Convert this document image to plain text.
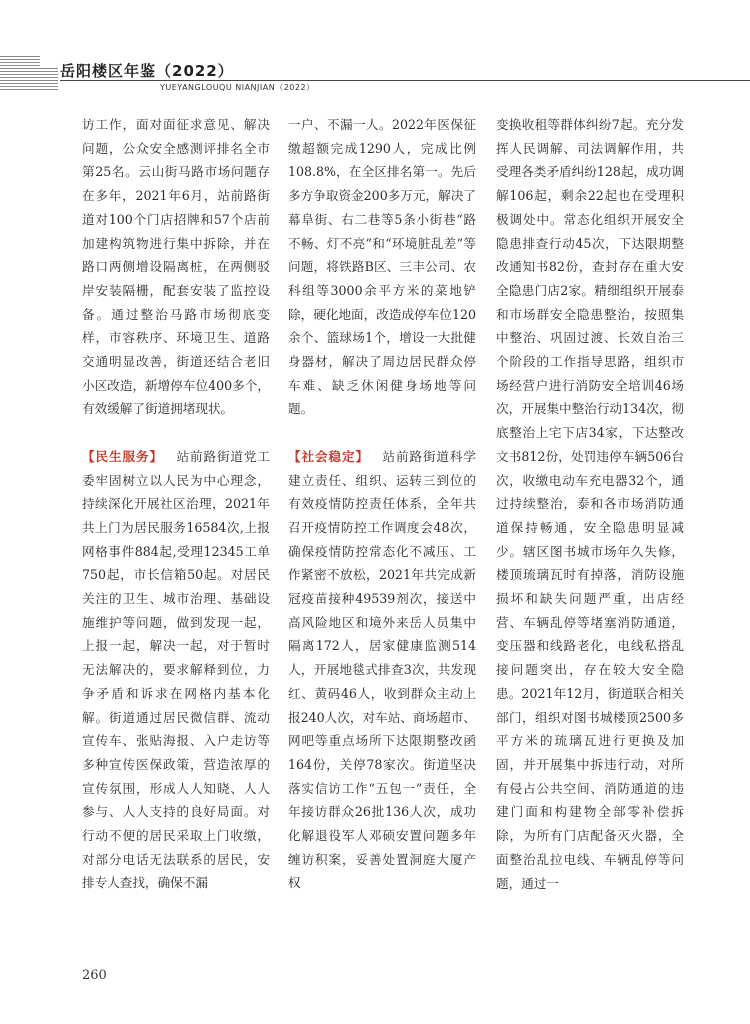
岳阳楼区年鉴（2022）
YUEYANGLOUQU NIANJIAN（2022）

访工作，面对面征求意见、解决问题，公众安全感测评排名全市第25名。云山街马路市场问题存在多年，2021年6月，站前路街道对100个门店招牌和57个店前加建构筑物进行集中拆除，并在路口两侧增设隔离桩，在两侧驳岸安装隔栅，配套安装了监控设备。通过整治马路市场彻底变样，市容秩序、环境卫生、道路交通明显改善，街道还结合老旧小区改造，新增停车位400多个，有效缓解了街道拥堵现状。

【民生服务】  站前路街道党工委牢固树立以人民为中心理念，持续深化开展社区治理，2021年共上门为居民服务16584次,上报网格事件884起,受理12345工单750起，市长信箱50起。对居民关注的卫生、城市治理、基础设施维护等问题，做到发现一起，上报一起，解决一起，对于暂时无法解决的，要求解释到位，力争矛盾和诉求在网格内基本化解。街道通过居民微信群、流动宣传车、张贴海报、入户走访等多种宣传医保政策，营造浓厚的宣传氛围，形成人人知晓、人人参与、人人支持的良好局面。对行动不便的居民采取上门收缴，对部分电话无法联系的居民，安排专人查找，确保不漏

一户、不漏一人。2022年医保征缴超额完成1290人，完成比例108.8%，在全区排名第一。先后多方争取资金200多万元，解决了幕阜街、右二巷等5条小街巷“路不畅、灯不亮”和“环境脏乱差”等问题，将铁路B区、三丰公司、农科组等3000余平方米的菜地铲除，硬化地面，改造成停车位120余个、篮球场1个，增设一大批健身器材，解决了周边居民群众停车难、缺乏休闲健身场地等问题。

【社会稳定】  站前路街道科学建立责任、组织、运转三到位的有效疫情防控责任体系，全年共召开疫情防控工作调度会48次，确保疫情防控常态化不减压、工作紧密不放松，2021年共完成新冠疫苗接种49539剂次，接送中高风险地区和境外来岳人员集中隔离172人，居家健康监测514人，开展地毯式排查3次，共发现红、黄码46人，收到群众主动上报240人次，对车站、商场超市、网吧等重点场所下达限期整改函164份，关停78家次。街道坚决落实信访工作“五包一”责任，全年接访群众26批136人次，成功化解退役军人邓硕安置问题多年缠访积案，妥善处置洞庭大厦产权

变换收租等群体纠纷7起。充分发挥人民调解、司法调解作用，共受理各类矛盾纠纷128起，成功调解106起，剩余22起也在受理积极调处中。常态化组织开展安全隐患排查行动45次，下达限期整改通知书82份，查封存在重大安全隐患门店2家。精细组织开展泰和市场群安全隐患整治，按照集中整治、巩固过渡、长效自治三个阶段的工作指导思路，组织市场经营户进行消防安全培训46场次，开展集中整治行动134次，彻底整治上宅下店34家，下达整改文书812份，处罚违停车辆506台次，收缴电动车充电器32个，通过持续整治，泰和各市场消防通道保持畅通，安全隐患明显减少。辖区图书城市场年久失修，楼顶琉璃瓦时有掉落，消防设施损坏和缺失问题严重，出店经营、车辆乱停等堵塞消防通道，变压器和线路老化，电线私搭乱接问题突出，存在较大安全隐患。2021年12月，街道联合相关部门，组织对图书城楼顶2500多平方米的琉璃瓦进行更换及加固，并开展集中拆违行动，对所有侵占公共空间、消防通道的违建门面和构建物全部零补偿拆除，为所有门店配备灭火器，全面整治乱拉电线、车辆乱停等问题，通过一

260
